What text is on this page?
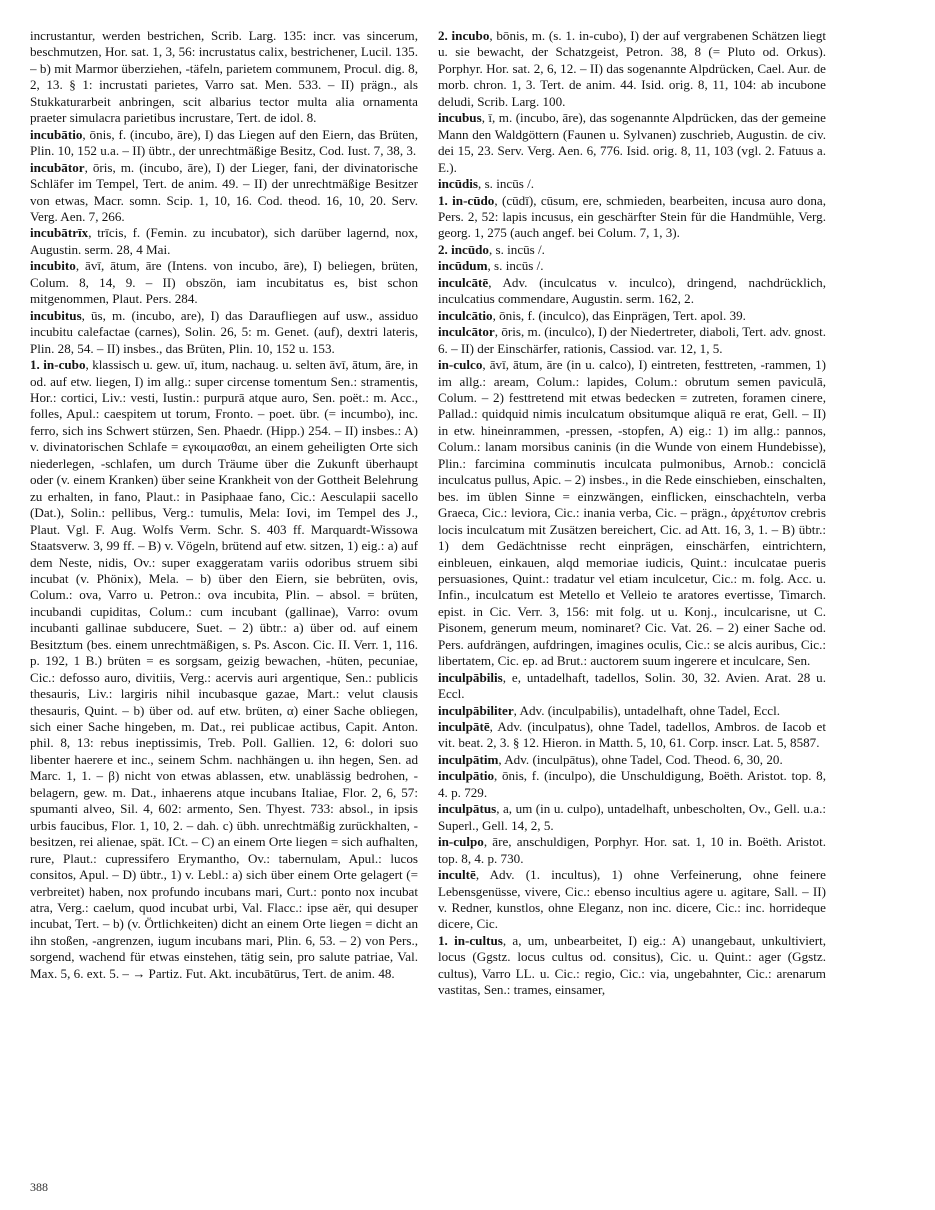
incrustantur, werden bestrichen, Scrib. Larg. 135: incr. vas sincerum, beschmutzen, Hor. sat. 1, 3, 56: incrustatus calix, bestrichener, Lucil. 135. – b) mit Marmor überziehen, -täfeln, parietem communem, Procul. dig. 8, 2, 13. § 1: incrustati parietes, Varro sat. Men. 533. – II) prägn., als Stukkaturarbeit anbringen, scit albarius tector multa alia ornamenta praeter simulacra parietibus incrustare, Tert. de idol. 8.

incubātio, ōnis, f. (incubo, āre), I) das Liegen auf den Eiern, das Brüten, Plin. 10, 152 u.a. – II) übtr., der unrechtmäßige Besitz, Cod. Iust. 7, 38, 3.

incubātor, ōris, m. (incubo, āre), I) der Lieger, fani, der divinatorische Schläfer im Tempel, Tert. de anim. 49. – II) der unrechtmäßige Besitzer von etwas, Macr. somn. Scip. 1, 10, 16. Cod. theod. 16, 10, 20. Serv. Verg. Aen. 7, 266.

incubātrīx, trīcis, f. (Femin. zu incubator), sich darüber lagernd, nox, Augustin. serm. 28, 4 Mai.

incubito, āvī, ātum, āre (Intens. von incubo, āre), I) beliegen, brüten, Colum. 8, 14, 9. – II) obszön, iam incubitatus es, bist schon mitgenommen, Plaut. Pers. 284.

incubitus, ūs, m. (incubo, are), I) das Daraufliegen auf usw., assiduo incubitu calefactae (carnes), Solin. 26, 5: m. Genet. (auf), dextri lateris, Plin. 28, 54. – II) insbes., das Brüten, Plin. 10, 152 u. 153.

1. in-cubo, klassisch u. gew. uī, itum, nachaug. u. selten āvī, ātum, āre, in od. auf etw. liegen, I) im allg.: super circense tomentum Sen.: stramentis, Hor.: cortici, Liv.: vesti, Iustin.: purpurā atque auro, Sen. poët.: m. Acc., folles, Apul.: caespitem ut torum, Fronto. – poet. übr. (= incumbo), inc. ferro, sich ins Schwert stürzen, Sen. Phaedr. (Hipp.) 254. – II) insbes.: A) v. divinatorischen Schlafe = εγκοιμασθαι, an einem geheiligten Orte sich niederlegen, -schlafen, um durch Träume über die Zukunft überhaupt oder (v. einem Kranken) über seine Krankheit von der Gottheit Belehrung zu erhalten, in fano, Plaut.: in Pasiphaae fano, Cic.: Aesculapii sacello (Dat.), Solin.: pellibus, Verg.: tumulis, Mela: Iovi, im Tempel des J., Plaut. Vgl. F. Aug. Wolfs Verm. Schr. S. 403 ff. Marquardt-Wissowa Staatsverw. 3, 99 ff. – B) v. Vögeln, brütend auf etw. sitzen, 1) eig.: a) auf dem Neste, nidis, Ov.: super exaggeratam variis odoribus struem sibi incubat (v. Phönix), Mela. – b) über den Eiern, sie bebrüten, ovis, Colum.: ova, Varro u. Petron.: ova incubita, Plin. – absol. = brüten, incubandi cupiditas, Colum.: cum incubant (gallinae), Varro: ovum incubanti gallinae subducere, Suet. – 2) übtr.: a) über od. auf einem Besitztum (bes. einem unrechtmäßigen, s. Ps. Ascon. Cic. II. Verr. 1, 116. p. 192, 1 B.) brüten = es sorgsam, geizig bewachen, -hüten, pecuniae, Cic.: defosso auro, divitiis, Verg.: acervis auri argentique, Sen.: publicis thesauris, Liv.: largiris nihil incubasque gazae, Mart.: velut clausis thesauris, Quint. – b) über od. auf etw. brüten, α) einer Sache obliegen, sich einer Sache hingeben, m. Dat., rei publicae actibus, Capit. Anton. phil. 8, 13: rebus ineptissimis, Treb. Poll. Gallien. 12, 6: dolori suo libenter haerere et inc., seinem Schm. nachhängen u. ihn hegen, Sen. ad Marc. 1, 1. – β) nicht von etwas ablassen, etw. unablässig bedrohen, -belagern, gew. m. Dat., inhaerens atque incubans Italiae, Flor. 2, 6, 57: spumanti alveo, Sil. 4, 602: armento, Sen. Thyest. 733: absol., in ipsis urbis faucibus, Flor. 1, 10, 2. – dah. c) übh. unrechtmäßig zurückhalten, -besitzen, rei alienae, spät. ICt. – C) an einem Orte liegen = sich aufhalten, rure, Plaut.: cupressifero Erymantho, Ov.: tabernulam, Apul.: lucos consitos, Apul. – D) übtr., 1) v. Lebl.: a) sich über einem Orte gelagert (= verbreitet) haben, nox profundo incubans mari, Curt.: ponto nox incubat atra, Verg.: caelum, quod incubat urbi, Val. Flacc.: ipse aër, qui desuper incubat, Tert. – b) (v. Örtlichkeiten) dicht an einem Orte liegen = dicht an ihn stoßen, -angrenzen, iugum incubans mari, Plin. 6, 53. – 2) von Pers., sorgend, wachend für etwas einstehen, tätig sein, pro salute patriae, Val. Max. 5, 6. ext. 5. – → Partiz. Fut. Akt. incubātūrus, Tert. de anim. 48.

2. incubo, bōnis, m. (s. 1. in-cubo), I) der auf vergrabenen Schätzen liegt u. sie bewacht, der Schatzgeist, Petron. 38, 8 (= Pluto od. Orkus). Porphyr. Hor. sat. 2, 6, 12. – II) das sogenannte Alpdrücken, Cael. Aur. de morb. chron. 1, 3. Tert. de anim. 44. Isid. orig. 8, 11, 104: ab incubone deludi, Scrib. Larg. 100.

incubus, ī, m. (incubo, āre), das sogenannte Alpdrücken, das der gemeine Mann den Waldgöttern (Faunen u. Sylvanen) zuschrieb, Augustin. de civ. dei 15, 23. Serv. Verg. Aen. 6, 776. Isid. orig. 8, 11, 103 (vgl. 2. Fatuus a. E.).

incūdis, s. incūs /.

1. in-cūdo, (cūdī), cūsum, ere, schmieden, bearbeiten, incusa auro dona, Pers. 2, 52: lapis incusus, ein geschärfter Stein für die Handmühle, Verg. georg. 1, 275 (auch angef. bei Colum. 7, 1, 3).

2. incūdo, s. incūs /.

incūdum, s. incūs /.

inculcātē, Adv. (inculcatus v. inculco), dringend, nachdrücklich, inculcatius commendare, Augustin. serm. 162, 2.

inculcātio, ōnis, f. (inculco), das Einprägen, Tert. apol. 39.

inculcātor, ōris, m. (inculco), I) der Niedertreter, diaboli, Tert. adv. gnost. 6. – II) der Einschärfer, rationis, Cassiod. var. 12, 1, 5.

in-culco, āvī, ātum, āre (in u. calco), I) eintreten, festtreten, -rammen, 1) im allg.: aream, Colum.: lapides, Colum.: obrutum semen paviculā, Colum. – 2) festtretend mit etwas bedecken = zutreten, foramen cinere, Pallad.: quidquid nimis inculcatum obsitumque aliquā re erat, Gell. – II) in etw. hineinrammen, -pressen, -stopfen, A) eig.: 1) im allg.: pannos, Colum.: lanam morsibus caninis (in die Wunde von einem Hundebisse), Plin.: farcimina comminutis inculcata pulmonibus, Arnob.: conciclā inculcatus pullus, Apic. – 2) insbes., in die Rede einschieben, einschalten, bes. im üblen Sinne = einzwängen, einflicken, einschachteln, verba Graeca, Cic.: leviora, Cic.: inania verba, Cic. – prägn., ἀρχέτυπον crebris locis inculcatum mit Zusätzen bereichert, Cic. ad Att. 16, 3, 1. – B) übtr.: 1) dem Gedächtnisse recht einprägen, einschärfen, eintrichtern, einbleuen, einkauen, alqd memoriae iudicis, Quint.: inculcatae pueris persuasiones, Quint.: tradatur vel etiam inculcetur, Cic.: m. folg. Acc. u. Infin., inculcatum est Metello et Velleio te aratores evertisse, Timarch. epist. in Cic. Verr. 3, 156: mit folg. ut u. Konj., inculcarisne, ut C. Pisonem, generum meum, nominaret? Cic. Vat. 26. – 2) einer Sache od. Pers. aufdrängen, aufdringen, imagines oculis, Cic.: se alcis auribus, Cic.: libertatem, Cic. ep. ad Brut.: auctorem suum ingerere et inculcare, Sen.

inculpābilis, e, untadelhaft, tadellos, Solin. 30, 32. Avien. Arat. 28 u. Eccl.

inculpābiliter, Adv. (inculpabilis), untadelhaft, ohne Tadel, Eccl.

inculpātē, Adv. (inculpatus), ohne Tadel, tadellos, Ambros. de Iacob et vit. beat. 2, 3. § 12. Hieron. in Matth. 5, 10, 61. Corp. inscr. Lat. 5, 8587.

inculpātim, Adv. (inculpātus), ohne Tadel, Cod. Theod. 6, 30, 20.

inculpātio, ōnis, f. (inculpo), die Unschuldigung, Boëth. Aristot. top. 8, 4. p. 729.

inculpātus, a, um (in u. culpo), untadelhaft, unbescholten, Ov., Gell. u.a.: Superl., Gell. 14, 2, 5.

in-culpo, āre, anschuldigen, Porphyr. Hor. sat. 1, 10 in. Boëth. Aristot. top. 8, 4. p. 730.

incultē, Adv. (1. incultus), 1) ohne Verfeinerung, ohne feinere Lebensgenüsse, vivere, Cic.: ebenso incultius agere u. agitare, Sall. – II) v. Redner, kunstlos, ohne Eleganz, non inc. dicere, Cic.: inc. horrideque dicere, Cic.

1. in-cultus, a, um, unbearbeitet, I) eig.: A) unangebaut, unkultiviert, locus (Ggstz. locus cultus od. consitus), Cic. u. Quint.: ager (Ggstz. cultus), Varro LL. u. Cic.: regio, Cic.: via, ungebahnter, Cic.: arenarum vastitas, Sen.: trames, einsamer,

388
